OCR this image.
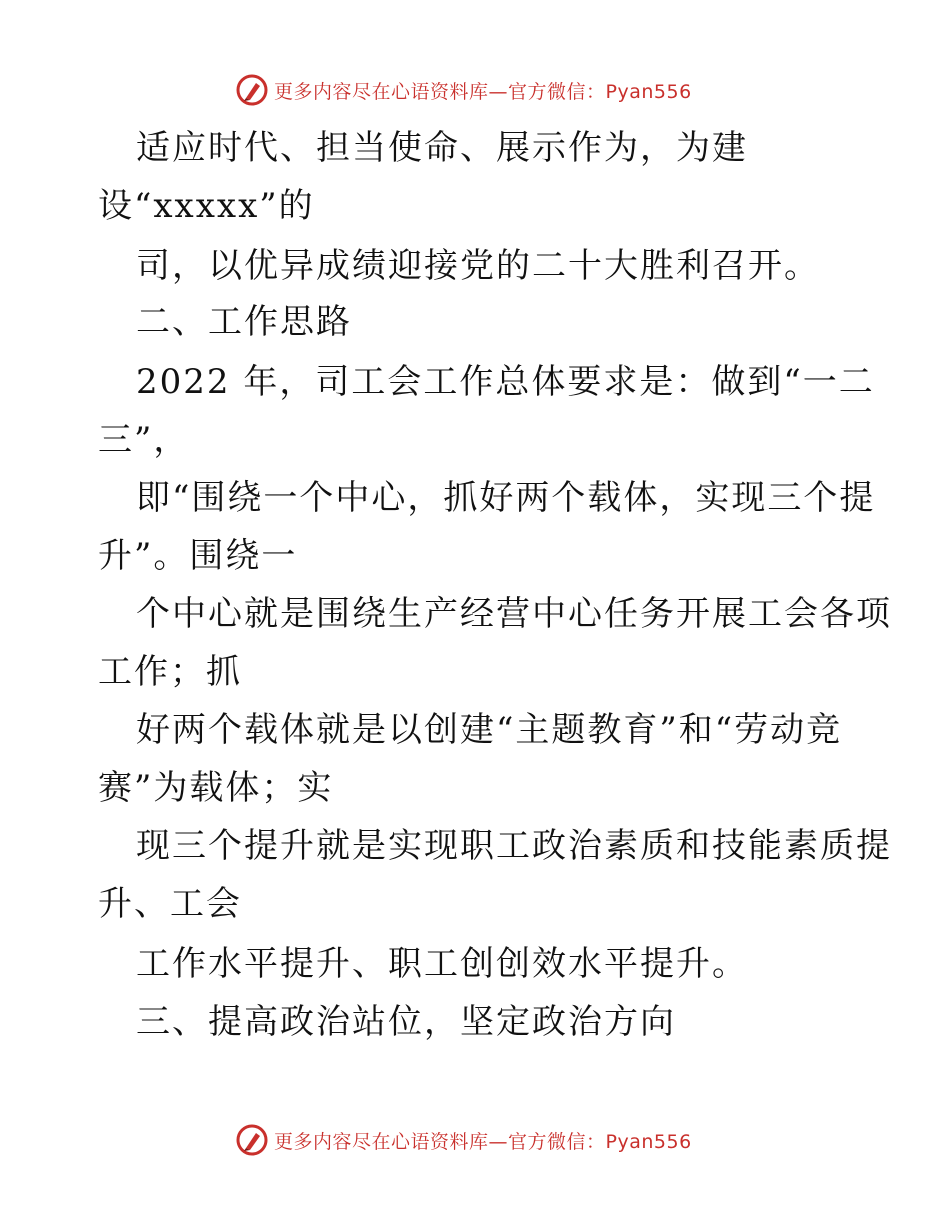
更多内容尽在心语资料库—官方微信：Pyan556
适应时代、担当使命、展示作为，为建
设“xxxxx”的
司，以优异成绩迎接党的二十大胜利召开。
二、工作思路
2022 年，司工会工作总体要求是：做到“一二
三”，
即“围绕一个中心，抓好两个载体，实现三个提
升”。围绕一
个中心就是围绕生产经营中心任务开展工会各项
工作；抓
好两个载体就是以创建“主题教育”和“劳动竞
赛”为载体；实
现三个提升就是实现职工政治素质和技能素质提
升、工会
工作水平提升、职工创创效水平提升。
三、提高政治站位，坚定政治方向
更多内容尽在心语资料库—官方微信：Pyan556
